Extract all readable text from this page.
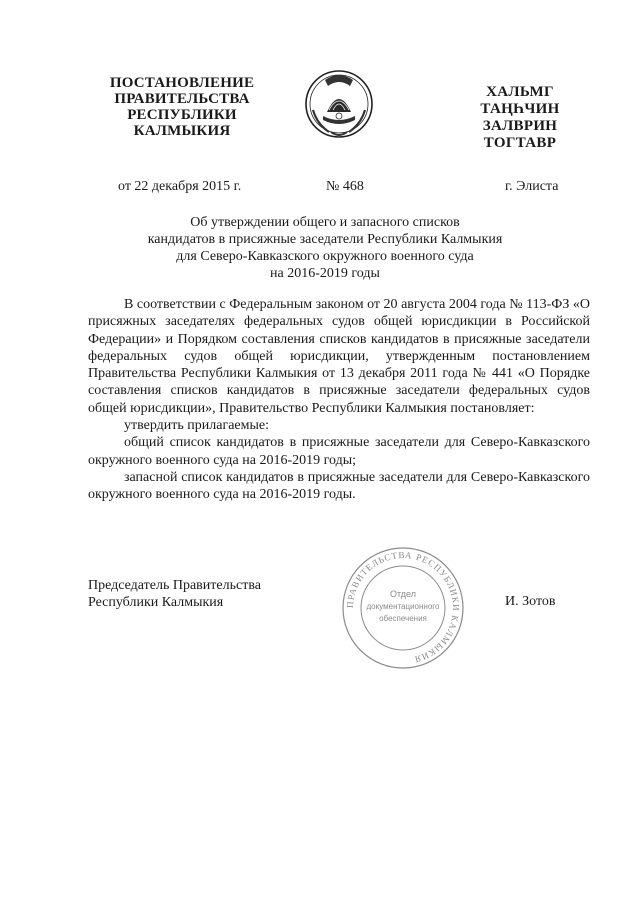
ПОСТАНОВЛЕНИЕ
ПРАВИТЕЛЬСТВА
РЕСПУБЛИКИ
КАЛМЫКИЯ
ХАЛЬМГ
ТАҢҺЧИН
ЗАЛВРИН
ТОГТАВР
от 22 декабря 2015 г.	№ 468	г. Элиста
Об утверждении общего и запасного списков
кандидатов в присяжные заседатели Республики Калмыкия
для Северо-Кавказского окружного военного суда
на 2016-2019 годы

В соответствии с Федеральным законом от 20 августа 2004 года № 113-ФЗ «О присяжных заседателях федеральных судов общей юрисдикции в Российской Федерации» и Порядком составления списков кандидатов в присяжные заседатели федеральных судов общей юрисдикции, утвержденным постановлением Правительства Республики Калмыкия от 13 декабря 2011 года № 441 «О Порядке составления списков кандидатов в присяжные заседатели федеральных судов общей юрисдикции», Правительство Республики Калмыкия постановляет:

утвердить прилагаемые:

общий список кандидатов в присяжные заседатели для Северо-Кавказского окружного военного суда на 2016-2019 годы;

запасной список кандидатов в присяжные заседатели для Северо-Кавказского окружного военного суда на 2016-2019 годы.

Председатель Правительства
Республики Калмыкия	ПРАВИТЕЛЬСТВА РЕСПУБЛИКИ КАЛМЫКИЯ
Отдел
документационного
обеспечения
И. Зотов
